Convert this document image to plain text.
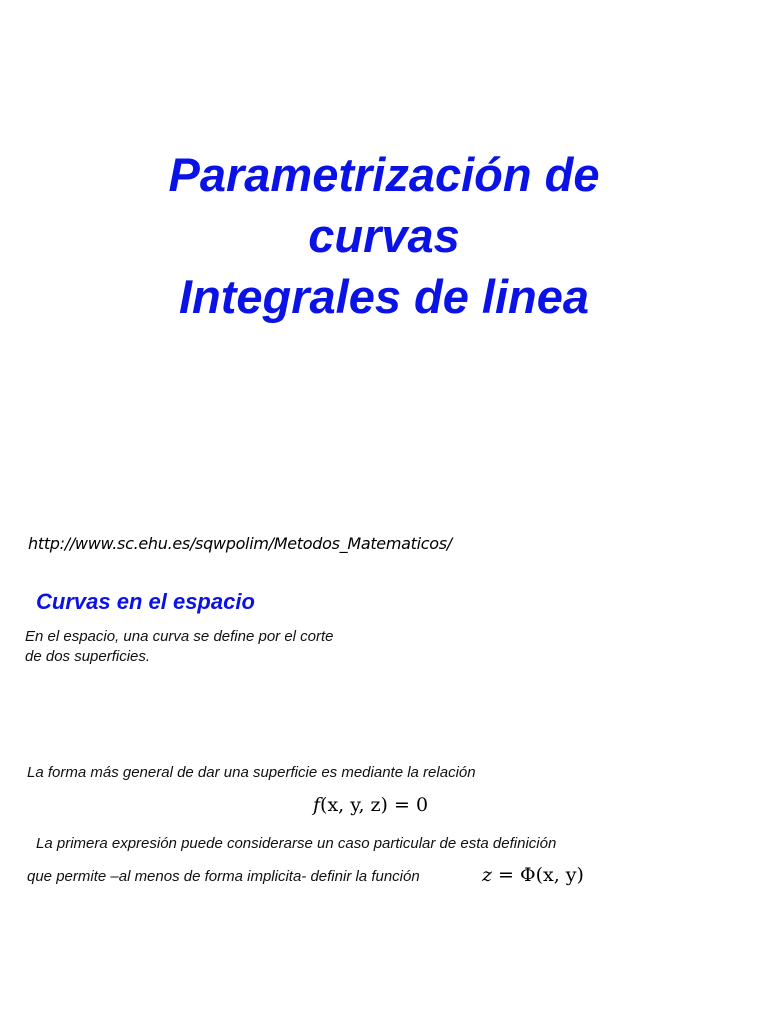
Parametrización de
curvas
Integrales de linea
http://www.sc.ehu.es/sqwpolim/Metodos_Matematicos/
Curvas en el espacio
En el espacio, una curva se define por el corte
de dos superficies.
La forma más general de dar una superficie es mediante la relación
f(x, y, z) = 0
La primera expresión puede considerarse un caso particular de esta definición
que permite –al menos de forma implicita- definir la función	z = Φ(x, y)
